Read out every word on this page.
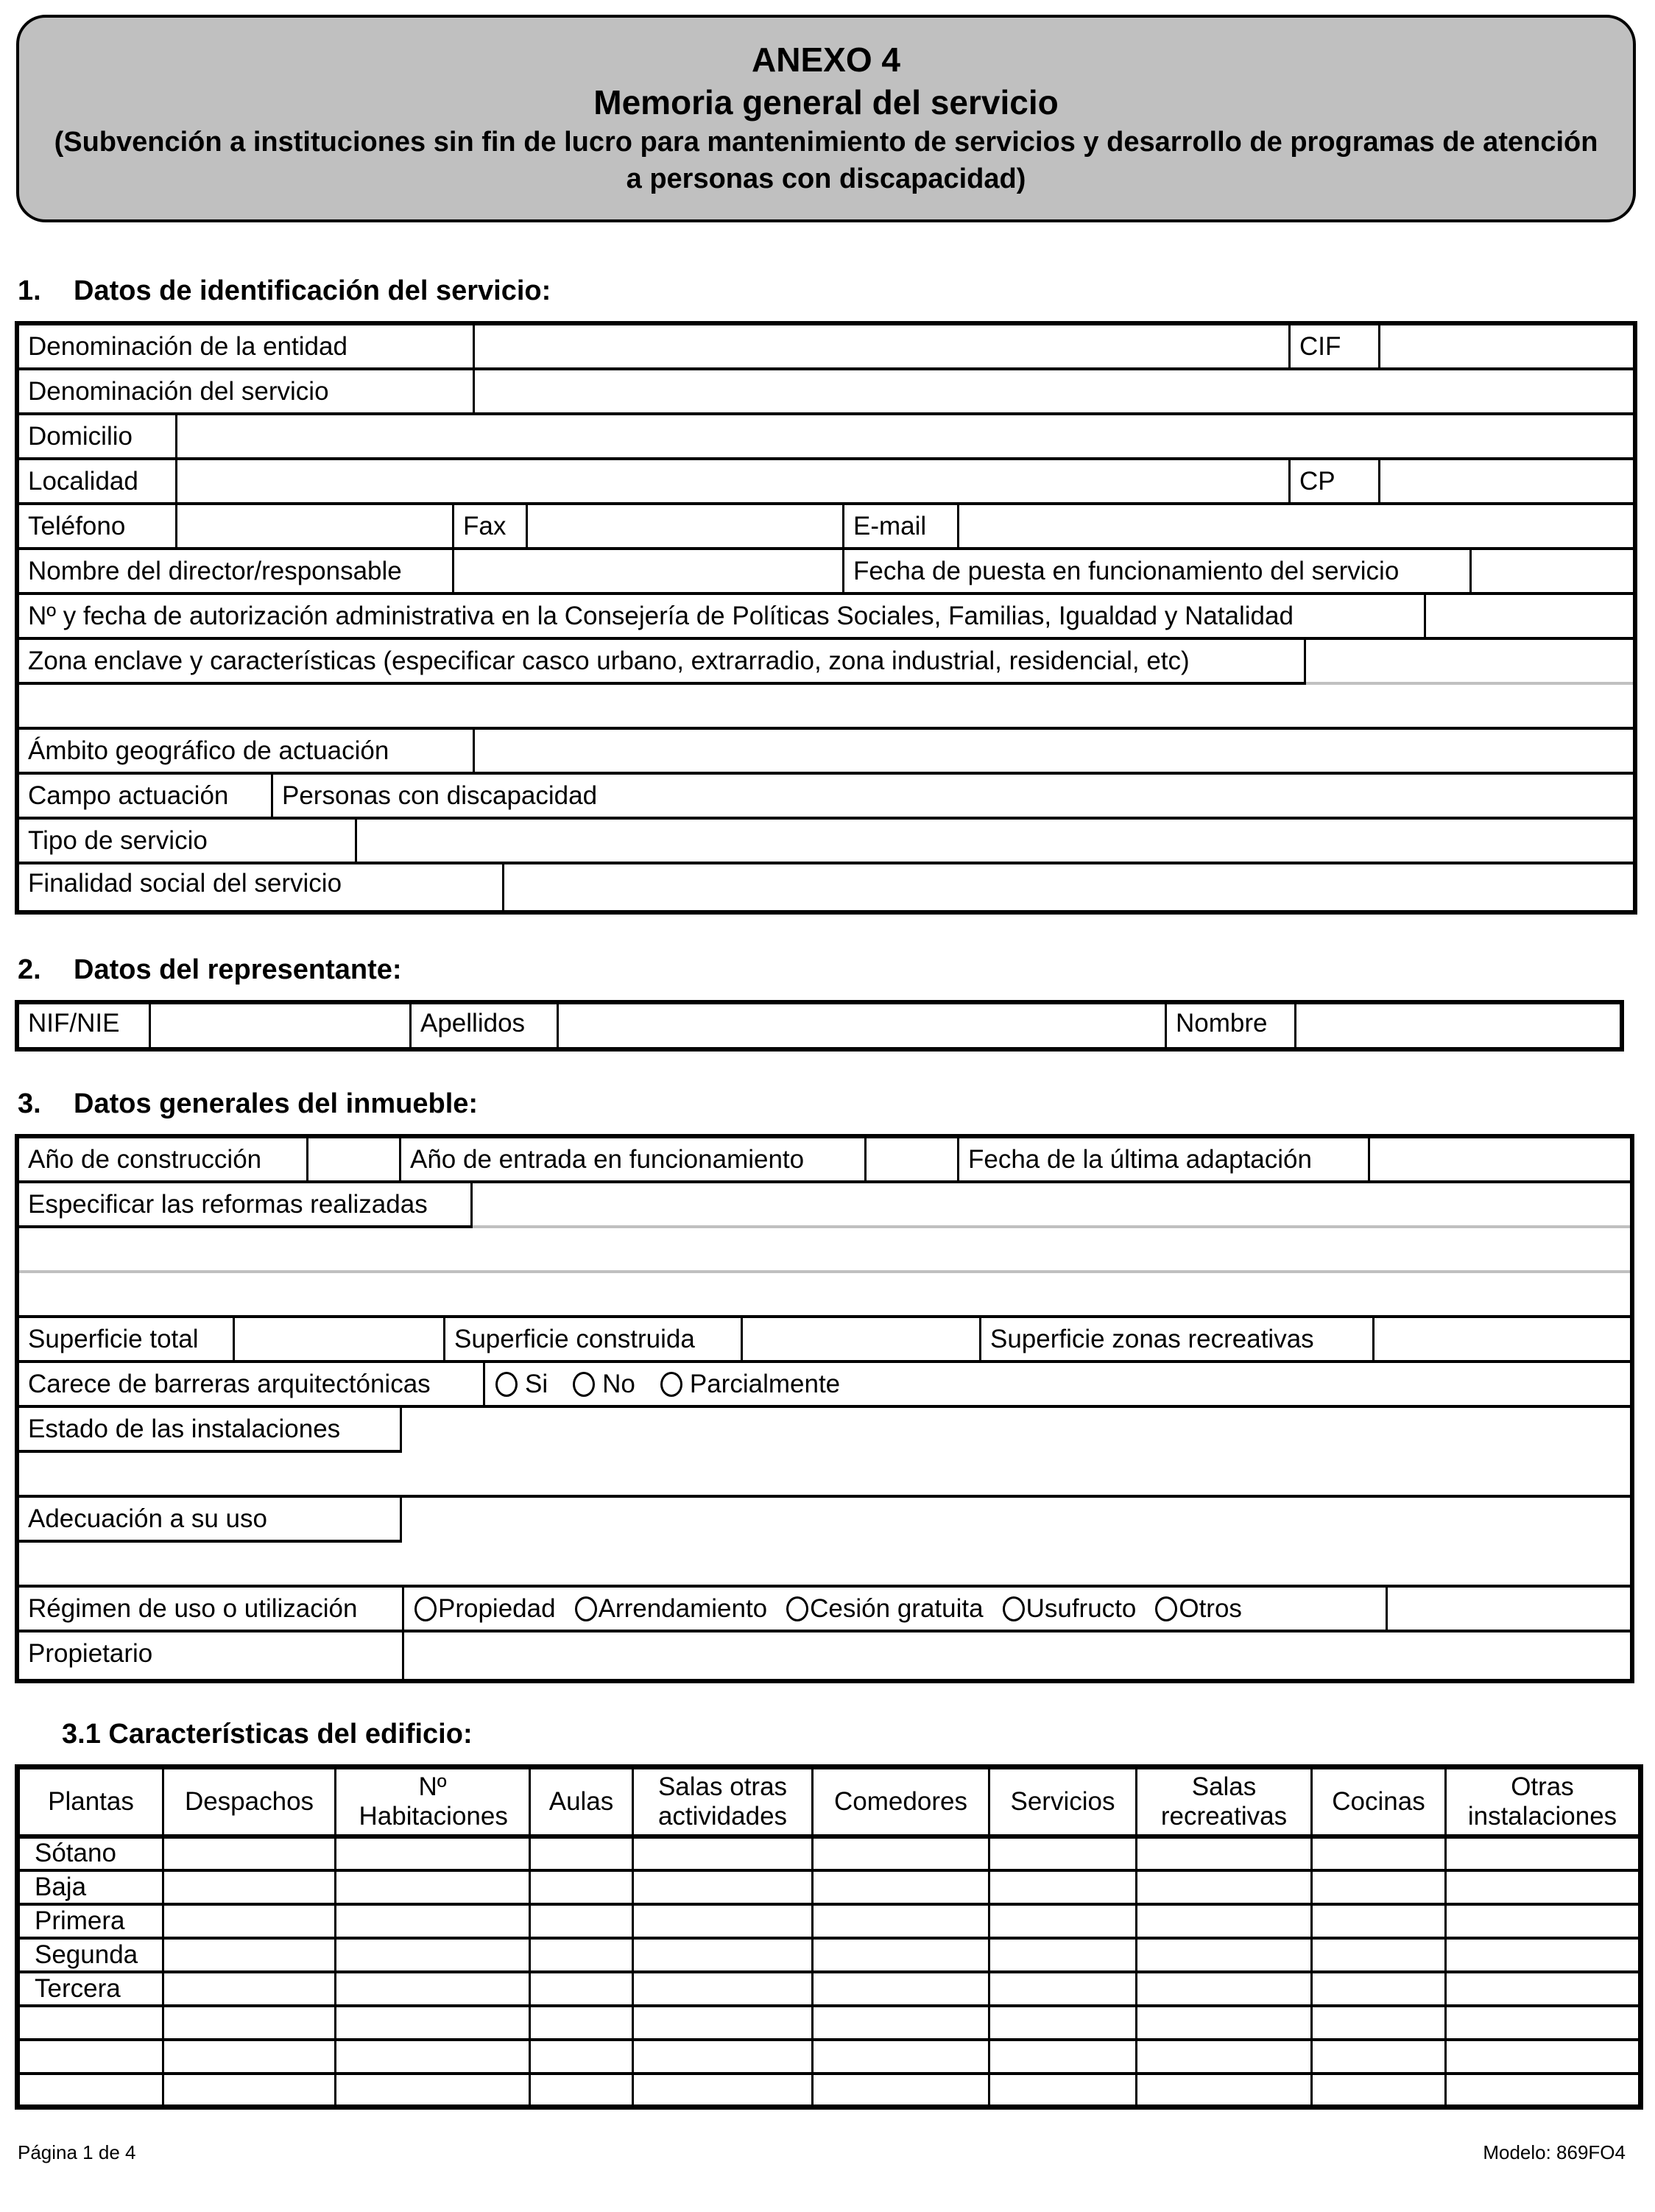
ANEXO 4
Memoria general del servicio
(Subvención a instituciones sin fin de lucro para mantenimiento de servicios y desarrollo de programas de atención a personas con discapacidad)
1. Datos de identificación del servicio:
Denominación de la entidad	CIF
Denominación del servicio
Domicilio
Localidad	CP
Teléfono	Fax	E-mail
Nombre del director/responsable	Fecha de puesta en funcionamiento del servicio
Nº y fecha de autorización administrativa en la Consejería de Políticas Sociales, Familias, Igualdad y Natalidad
Zona enclave y características (especificar casco urbano, extrarradio, zona industrial, residencial, etc)
Ámbito geográfico de actuación
Campo actuación	Personas con discapacidad
Tipo de servicio
Finalidad social del servicio
2. Datos del representante:
NIF/NIE	Apellidos	Nombre
3. Datos generales del inmueble:
Año de construcción	Año de entrada en funcionamiento	Fecha de la última adaptación
Especificar las reformas realizadas
Superficie total	Superficie construida	Superficie zonas recreativas
Carece de barreras arquitectónicas	Si No Parcialmente
Estado de las instalaciones
Adecuación a su uso
Régimen de uso o utilización	Propiedad Arrendamiento Cesión gratuita Usufructo Otros
Propietario
3.1 Características del edificio:
Plantas	Despachos	Nº Habitaciones	Aulas	Salas otras actividades	Comedores	Servicios	Salas recreativas	Cocinas	Otras instalaciones
Sótano									
Baja									
Primera									
Segunda									
Tercera									

Página 1 de 4	Modelo: 869FO4
